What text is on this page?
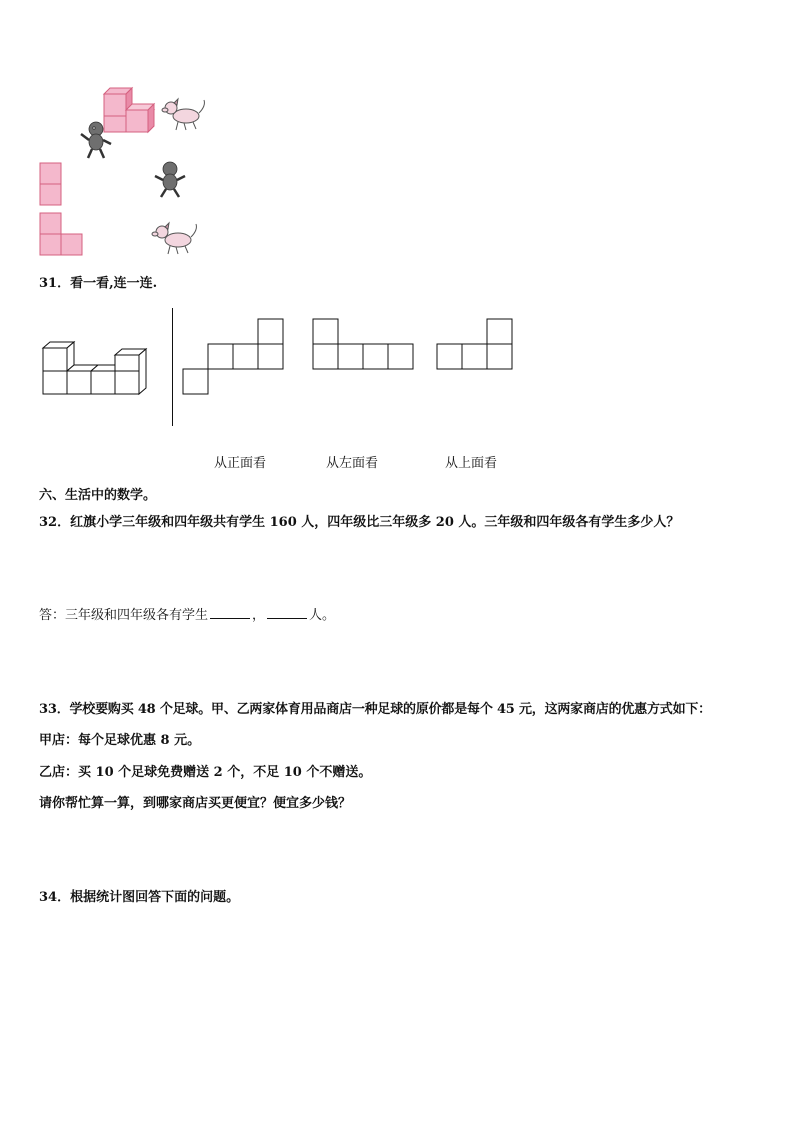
31．看一看,连一连.
从正面看	从左面看	从上面看
六、生活中的数学。
32．红旗小学三年级和四年级共有学生 160 人，四年级比三年级多 20 人。三年级和四年级各有学生多少人？
答：三年级和四年级各有学生	，	人。
33．学校要购买 48 个足球。甲、乙两家体育用品商店一种足球的原价都是每个 45 元，这两家商店的优惠方式如下：
甲店：每个足球优惠 8 元。
乙店：买 10 个足球免费赠送 2 个，不足 10 个不赠送。
请你帮忙算一算，到哪家商店买更便宜？便宜多少钱？
34．根据统计图回答下面的问题。
